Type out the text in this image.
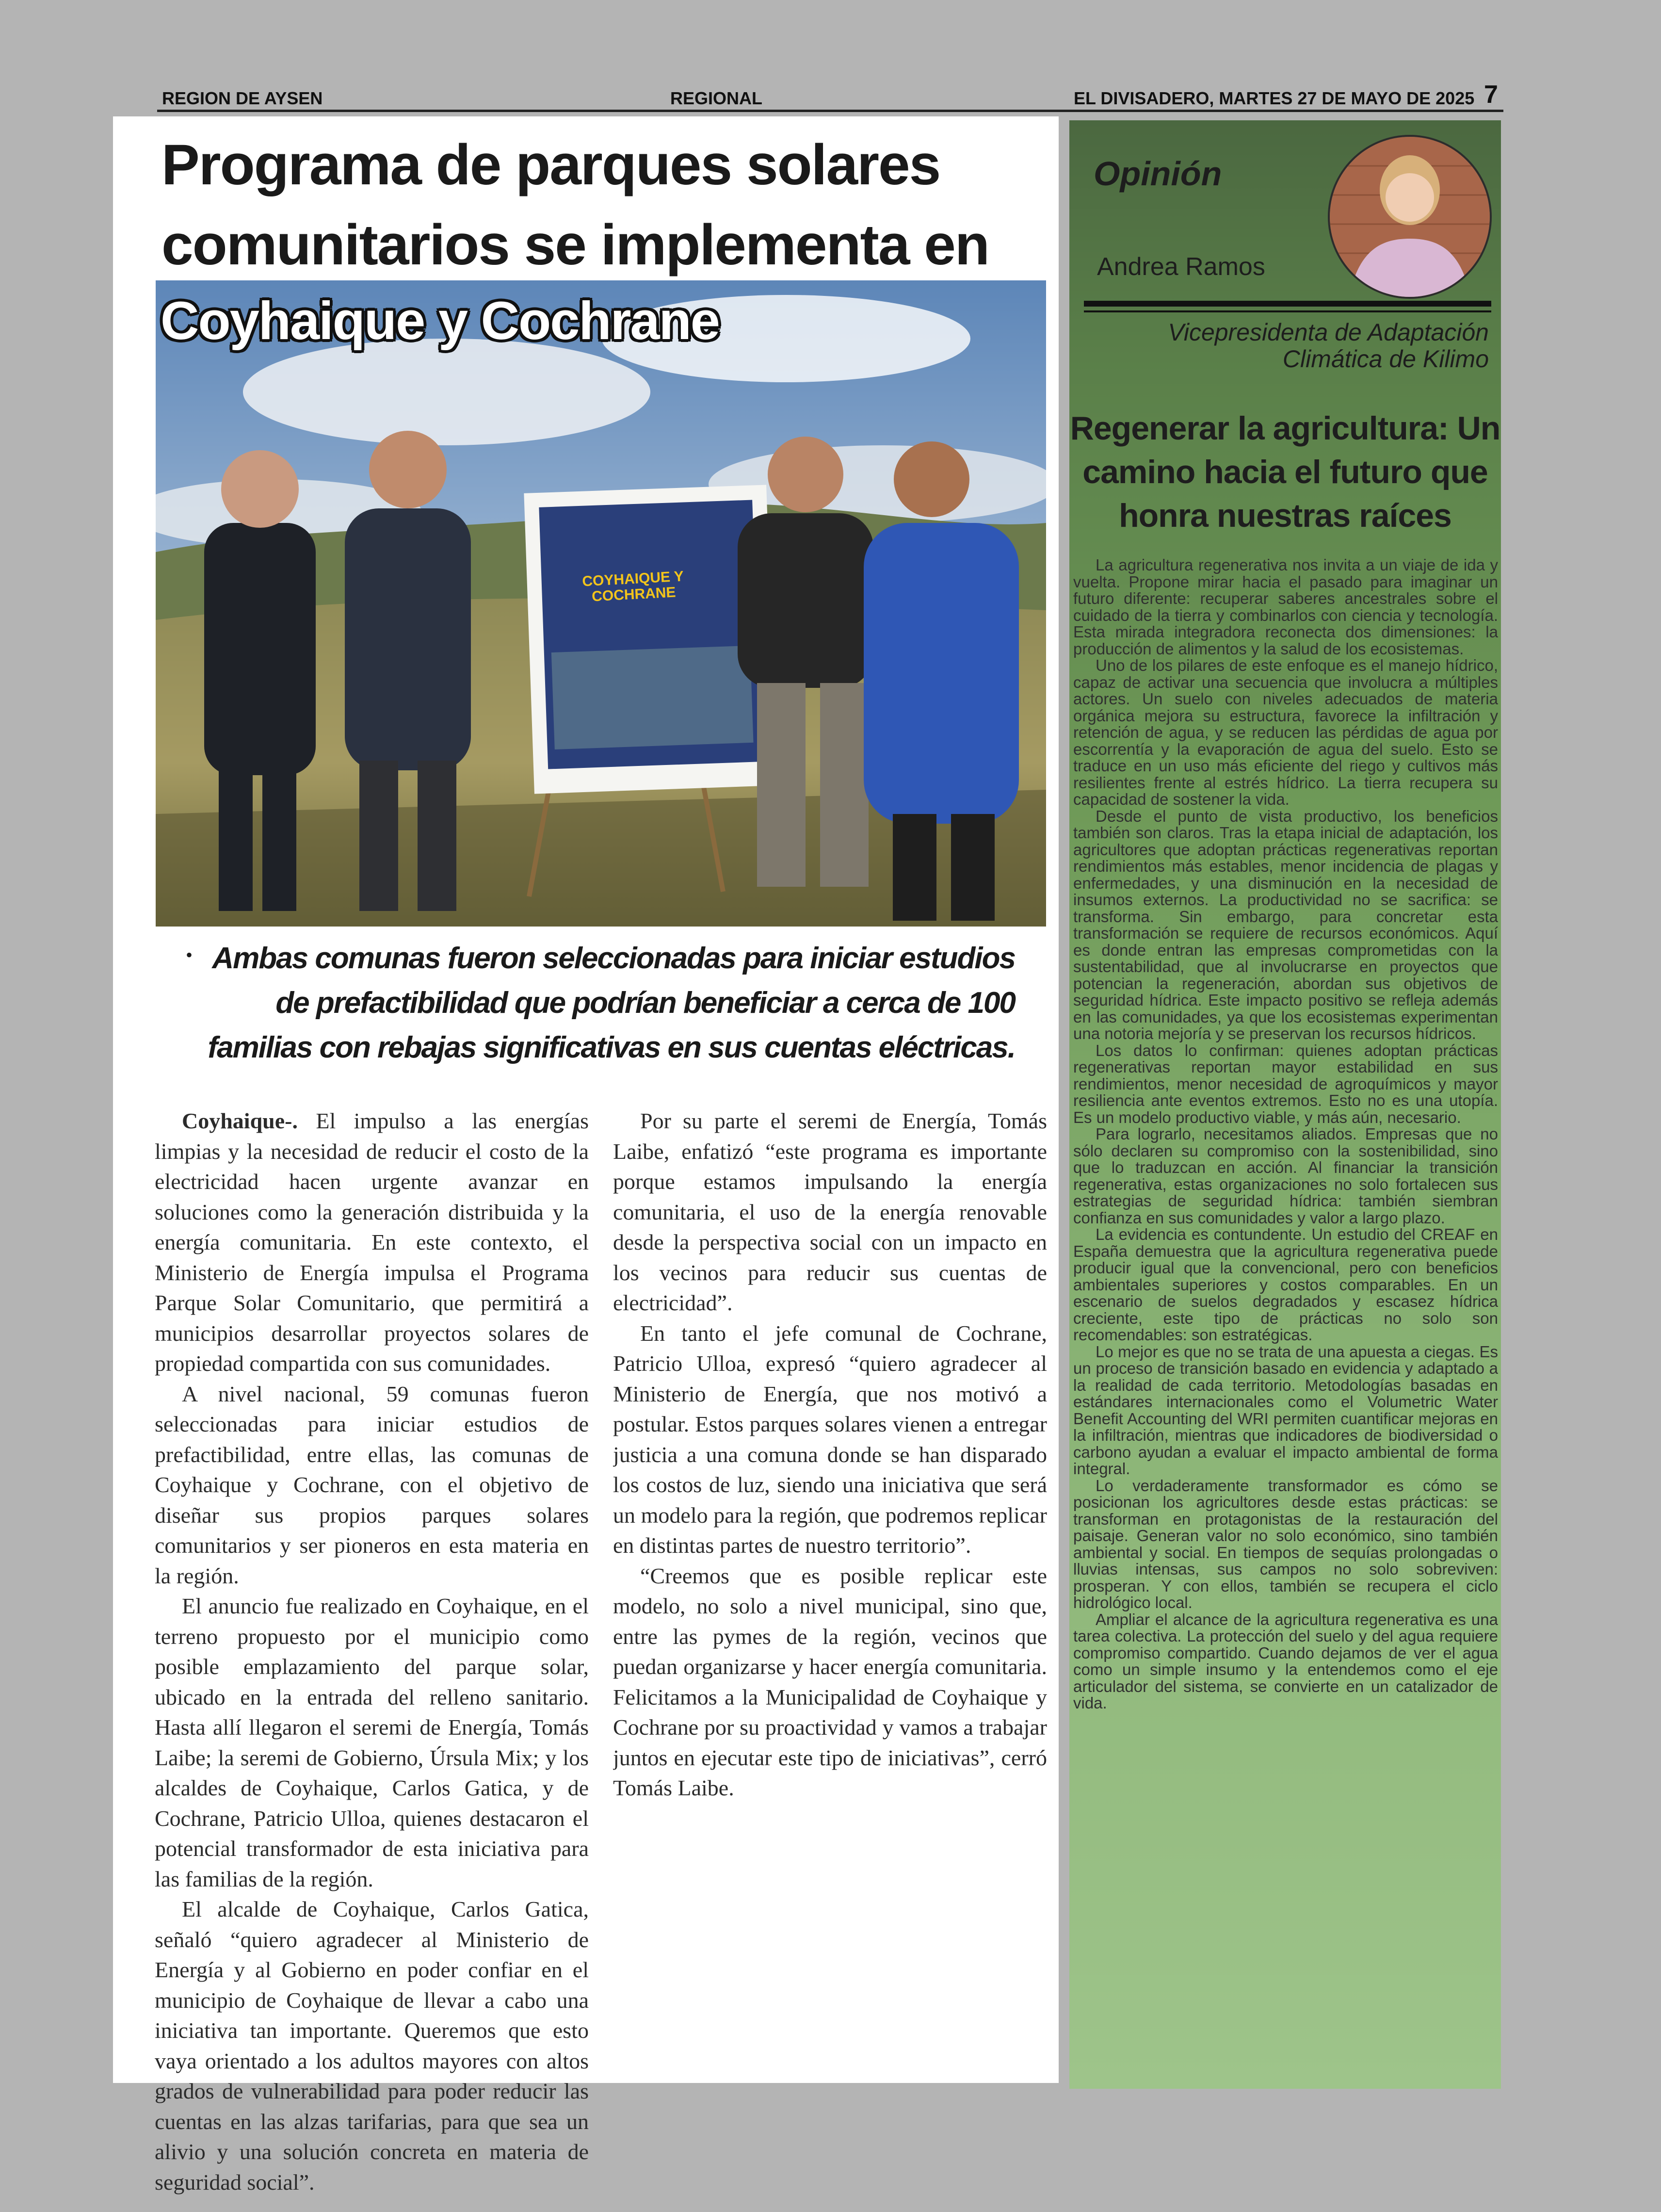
REGION DE AYSEN	REGIONAL	EL DIVISADERO, MARTES 27 DE MAYO DE 2025 7
Programa de parques solares
comunitarios se implementa en
Coyhaique y Cochrane
COYHAIQUE Y COCHRANE
• Ambas comunas fueron seleccionadas para iniciar estudios de prefactibilidad que podrían beneficiar a cerca de 100 familias con rebajas significativas en sus cuentas eléctricas.

Coyhaique-. El impulso a las energías limpias y la necesidad de reducir el costo de la electricidad hacen urgente avanzar en soluciones como la generación distribuida y la energía comunitaria. En este contexto, el Ministerio de Energía impulsa el Programa Parque Solar Comunitario, que permitirá a municipios desarrollar proyectos solares de propiedad compartida con sus comunidades.

A nivel nacional, 59 comunas fueron seleccionadas para iniciar estudios de prefactibilidad, entre ellas, las comunas de Coyhaique y Cochrane, con el objetivo de diseñar sus propios parques solares comunitarios y ser pioneros en esta materia en la región.

El anuncio fue realizado en Coyhaique, en el terreno propuesto por el municipio como posible emplazamiento del parque solar, ubicado en la entrada del relleno sanitario. Hasta allí llegaron el seremi de Energía, Tomás Laibe; la seremi de Gobierno, Úrsula Mix; y los alcaldes de Coyhaique, Carlos Gatica, y de Cochrane, Patricio Ulloa, quienes destacaron el potencial transformador de esta iniciativa para las familias de la región.

El alcalde de Coyhaique, Carlos Gatica, señaló “quiero agradecer al Ministerio de Energía y al Gobierno en poder confiar en el municipio de Coyhaique de llevar a cabo una iniciativa tan importante. Queremos que esto vaya orientado a los adultos mayores con altos grados de vulnerabilidad para poder reducir las cuentas en las alzas tarifarias, para que sea un alivio y una solución concreta en materia de seguridad social”.

Por su parte el seremi de Energía, Tomás Laibe, enfatizó “este programa es importante porque estamos impulsando la energía comunitaria, el uso de la energía renovable desde la perspectiva social con un impacto en los vecinos para reducir sus cuentas de electricidad”.

En tanto el jefe comunal de Cochrane, Patricio Ulloa, expresó “quiero agradecer al Ministerio de Energía, que nos motivó a postular. Estos parques solares vienen a entregar justicia a una comuna donde se han disparado los costos de luz, siendo una iniciativa que será un modelo para la región, que podremos replicar en distintas partes de nuestro territorio”.

“Creemos que es posible replicar este modelo, no solo a nivel municipal, sino que, entre las pymes de la región, vecinos que puedan organizarse y hacer energía comunitaria. Felicitamos a la Municipalidad de Coyhaique y Cochrane por su proactividad y vamos a trabajar juntos en ejecutar este tipo de iniciativas”, cerró Tomás Laibe.

Opinión
Andrea Ramos
Vicepresidenta de Adaptación Climática de Kilimo
Regenerar la agricultura: Un camino hacia el futuro que honra nuestras raíces

La agricultura regenerativa nos invita a un viaje de ida y vuelta. Propone mirar hacia el pasado para imaginar un futuro diferente: recuperar saberes ancestrales sobre el cuidado de la tierra y combinarlos con ciencia y tecnología. Esta mirada integradora reconecta dos dimensiones: la producción de alimentos y la salud de los ecosistemas.

Uno de los pilares de este enfoque es el manejo hídrico, capaz de activar una secuencia que involucra a múltiples actores. Un suelo con niveles adecuados de materia orgánica mejora su estructura, favorece la infiltración y retención de agua, y se reducen las pérdidas de agua por escorrentía y la evaporación de agua del suelo. Esto se traduce en un uso más eficiente del riego y cultivos más resilientes frente al estrés hídrico. La tierra recupera su capacidad de sostener la vida.

Desde el punto de vista productivo, los beneficios también son claros. Tras la etapa inicial de adaptación, los agricultores que adoptan prácticas regenerativas reportan rendimientos más estables, menor incidencia de plagas y enfermedades, y una disminución en la necesidad de insumos externos. La productividad no se sacrifica: se transforma. Sin embargo, para concretar esta transformación se requiere de recursos económicos. Aquí es donde entran las empresas comprometidas con la sustentabilidad, que al involucrarse en proyectos que potencian la regeneración, abordan sus objetivos de seguridad hídrica. Este impacto positivo se refleja además en las comunidades, ya que los ecosistemas experimentan una notoria mejoría y se preservan los recursos hídricos.

Los datos lo confirman: quienes adoptan prácticas regenerativas reportan mayor estabilidad en sus rendimientos, menor necesidad de agroquímicos y mayor resiliencia ante eventos extremos. Esto no es una utopía. Es un modelo productivo viable, y más aún, necesario.

Para lograrlo, necesitamos aliados. Empresas que no sólo declaren su compromiso con la sostenibilidad, sino que lo traduzcan en acción. Al financiar la transición regenerativa, estas organizaciones no solo fortalecen sus estrategias de seguridad hídrica: también siembran confianza en sus comunidades y valor a largo plazo.

La evidencia es contundente. Un estudio del CREAF en España demuestra que la agricultura regenerativa puede producir igual que la convencional, pero con beneficios ambientales superiores y costos comparables. En un escenario de suelos degradados y escasez hídrica creciente, este tipo de prácticas no solo son recomendables: son estratégicas.

Lo mejor es que no se trata de una apuesta a ciegas. Es un proceso de transición basado en evidencia y adaptado a la realidad de cada territorio. Metodologías basadas en estándares internacionales como el Volumetric Water Benefit Accounting del WRI permiten cuantificar mejoras en la infiltración, mientras que indicadores de biodiversidad o carbono ayudan a evaluar el impacto ambiental de forma integral.

Lo verdaderamente transformador es cómo se posicionan los agricultores desde estas prácticas: se transforman en protagonistas de la restauración del paisaje. Generan valor no solo económico, sino también ambiental y social. En tiempos de sequías prolongadas o lluvias intensas, sus campos no solo sobreviven: prosperan. Y con ellos, también se recupera el ciclo hidrológico local.

Ampliar el alcance de la agricultura regenerativa es una tarea colectiva. La protección del suelo y del agua requiere compromiso compartido. Cuando dejamos de ver el agua como un simple insumo y la entendemos como el eje articulador del sistema, se convierte en un catalizador de vida.
